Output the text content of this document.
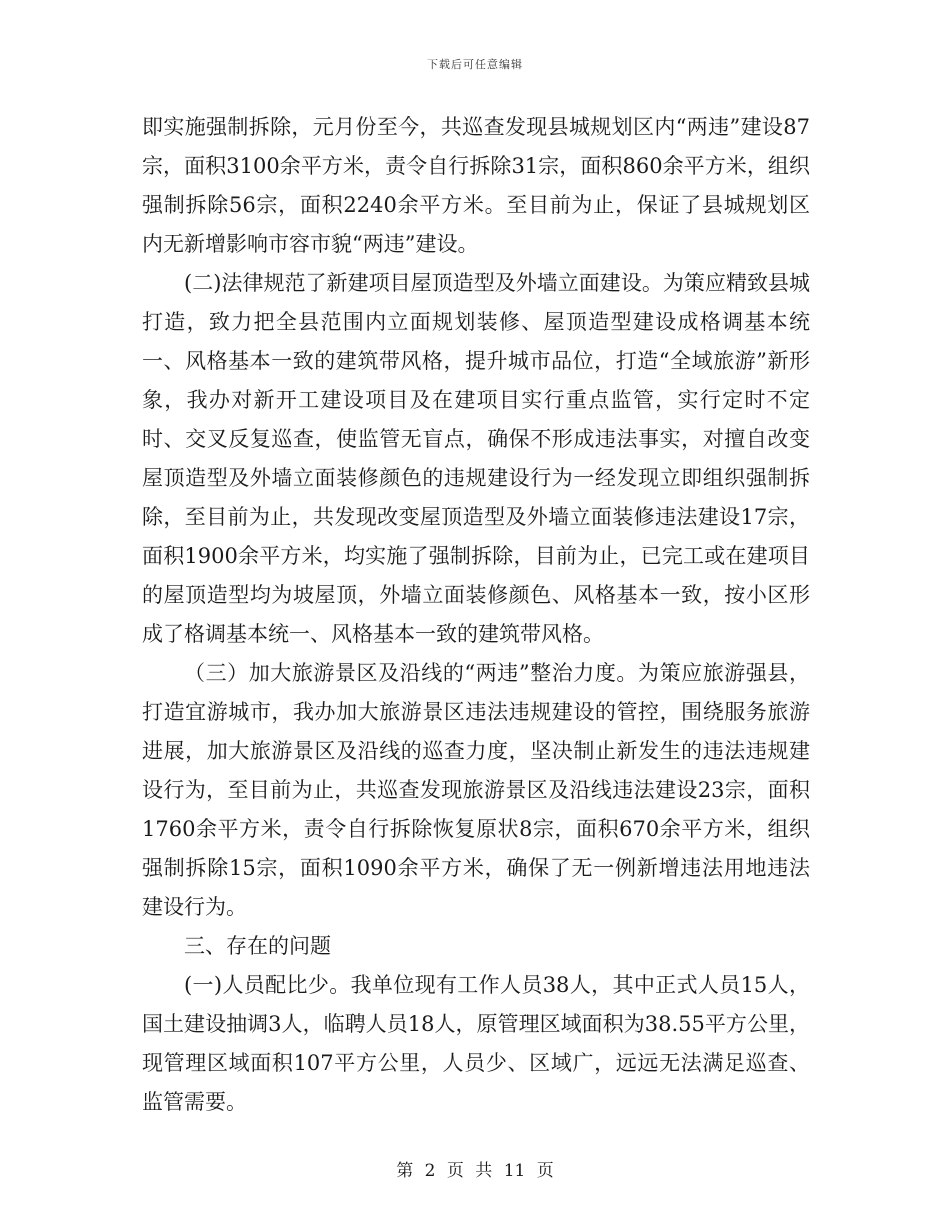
下载后可任意编辑

即实施强制拆除，元月份至今，共巡查发现县城规划区内“两违”建设87宗，面积3100余平方米，责令自行拆除31宗，面积860余平方米，组织强制拆除56宗，面积2240余平方米。至目前为止，保证了县城规划区内无新增影响市容市貌“两违”建设。

(二)法律规范了新建项目屋顶造型及外墙立面建设。为策应精致县城打造，致力把全县范围内立面规划装修、屋顶造型建设成格调基本统一、风格基本一致的建筑带风格，提升城市品位，打造“全域旅游”新形象，我办对新开工建设项目及在建项目实行重点监管，实行定时不定时、交叉反复巡查，使监管无盲点，确保不形成违法事实，对擅自改变屋顶造型及外墙立面装修颜色的违规建设行为一经发现立即组织强制拆除，至目前为止，共发现改变屋顶造型及外墙立面装修违法建设17宗，面积1900余平方米，均实施了强制拆除，目前为止，已完工或在建项目的屋顶造型均为坡屋顶，外墙立面装修颜色、风格基本一致，按小区形成了格调基本统一、风格基本一致的建筑带风格。

（三）加大旅游景区及沿线的“两违”整治力度。为策应旅游强县，打造宜游城市，我办加大旅游景区违法违规建设的管控，围绕服务旅游进展，加大旅游景区及沿线的巡查力度，坚决制止新发生的违法违规建设行为，至目前为止，共巡查发现旅游景区及沿线违法建设23宗，面积1760余平方米，责令自行拆除恢复原状8宗，面积670余平方米，组织强制拆除15宗，面积1090余平方米，确保了无一例新增违法用地违法建设行为。

三、存在的问题

(一)人员配比少。我单位现有工作人员38人，其中正式人员15人，国土建设抽调3人，临聘人员18人，原管理区域面积为38.55平方公里，现管理区域面积107平方公里，人员少、区域广，远远无法满足巡查、监管需要。

第 2 页 共 11 页
